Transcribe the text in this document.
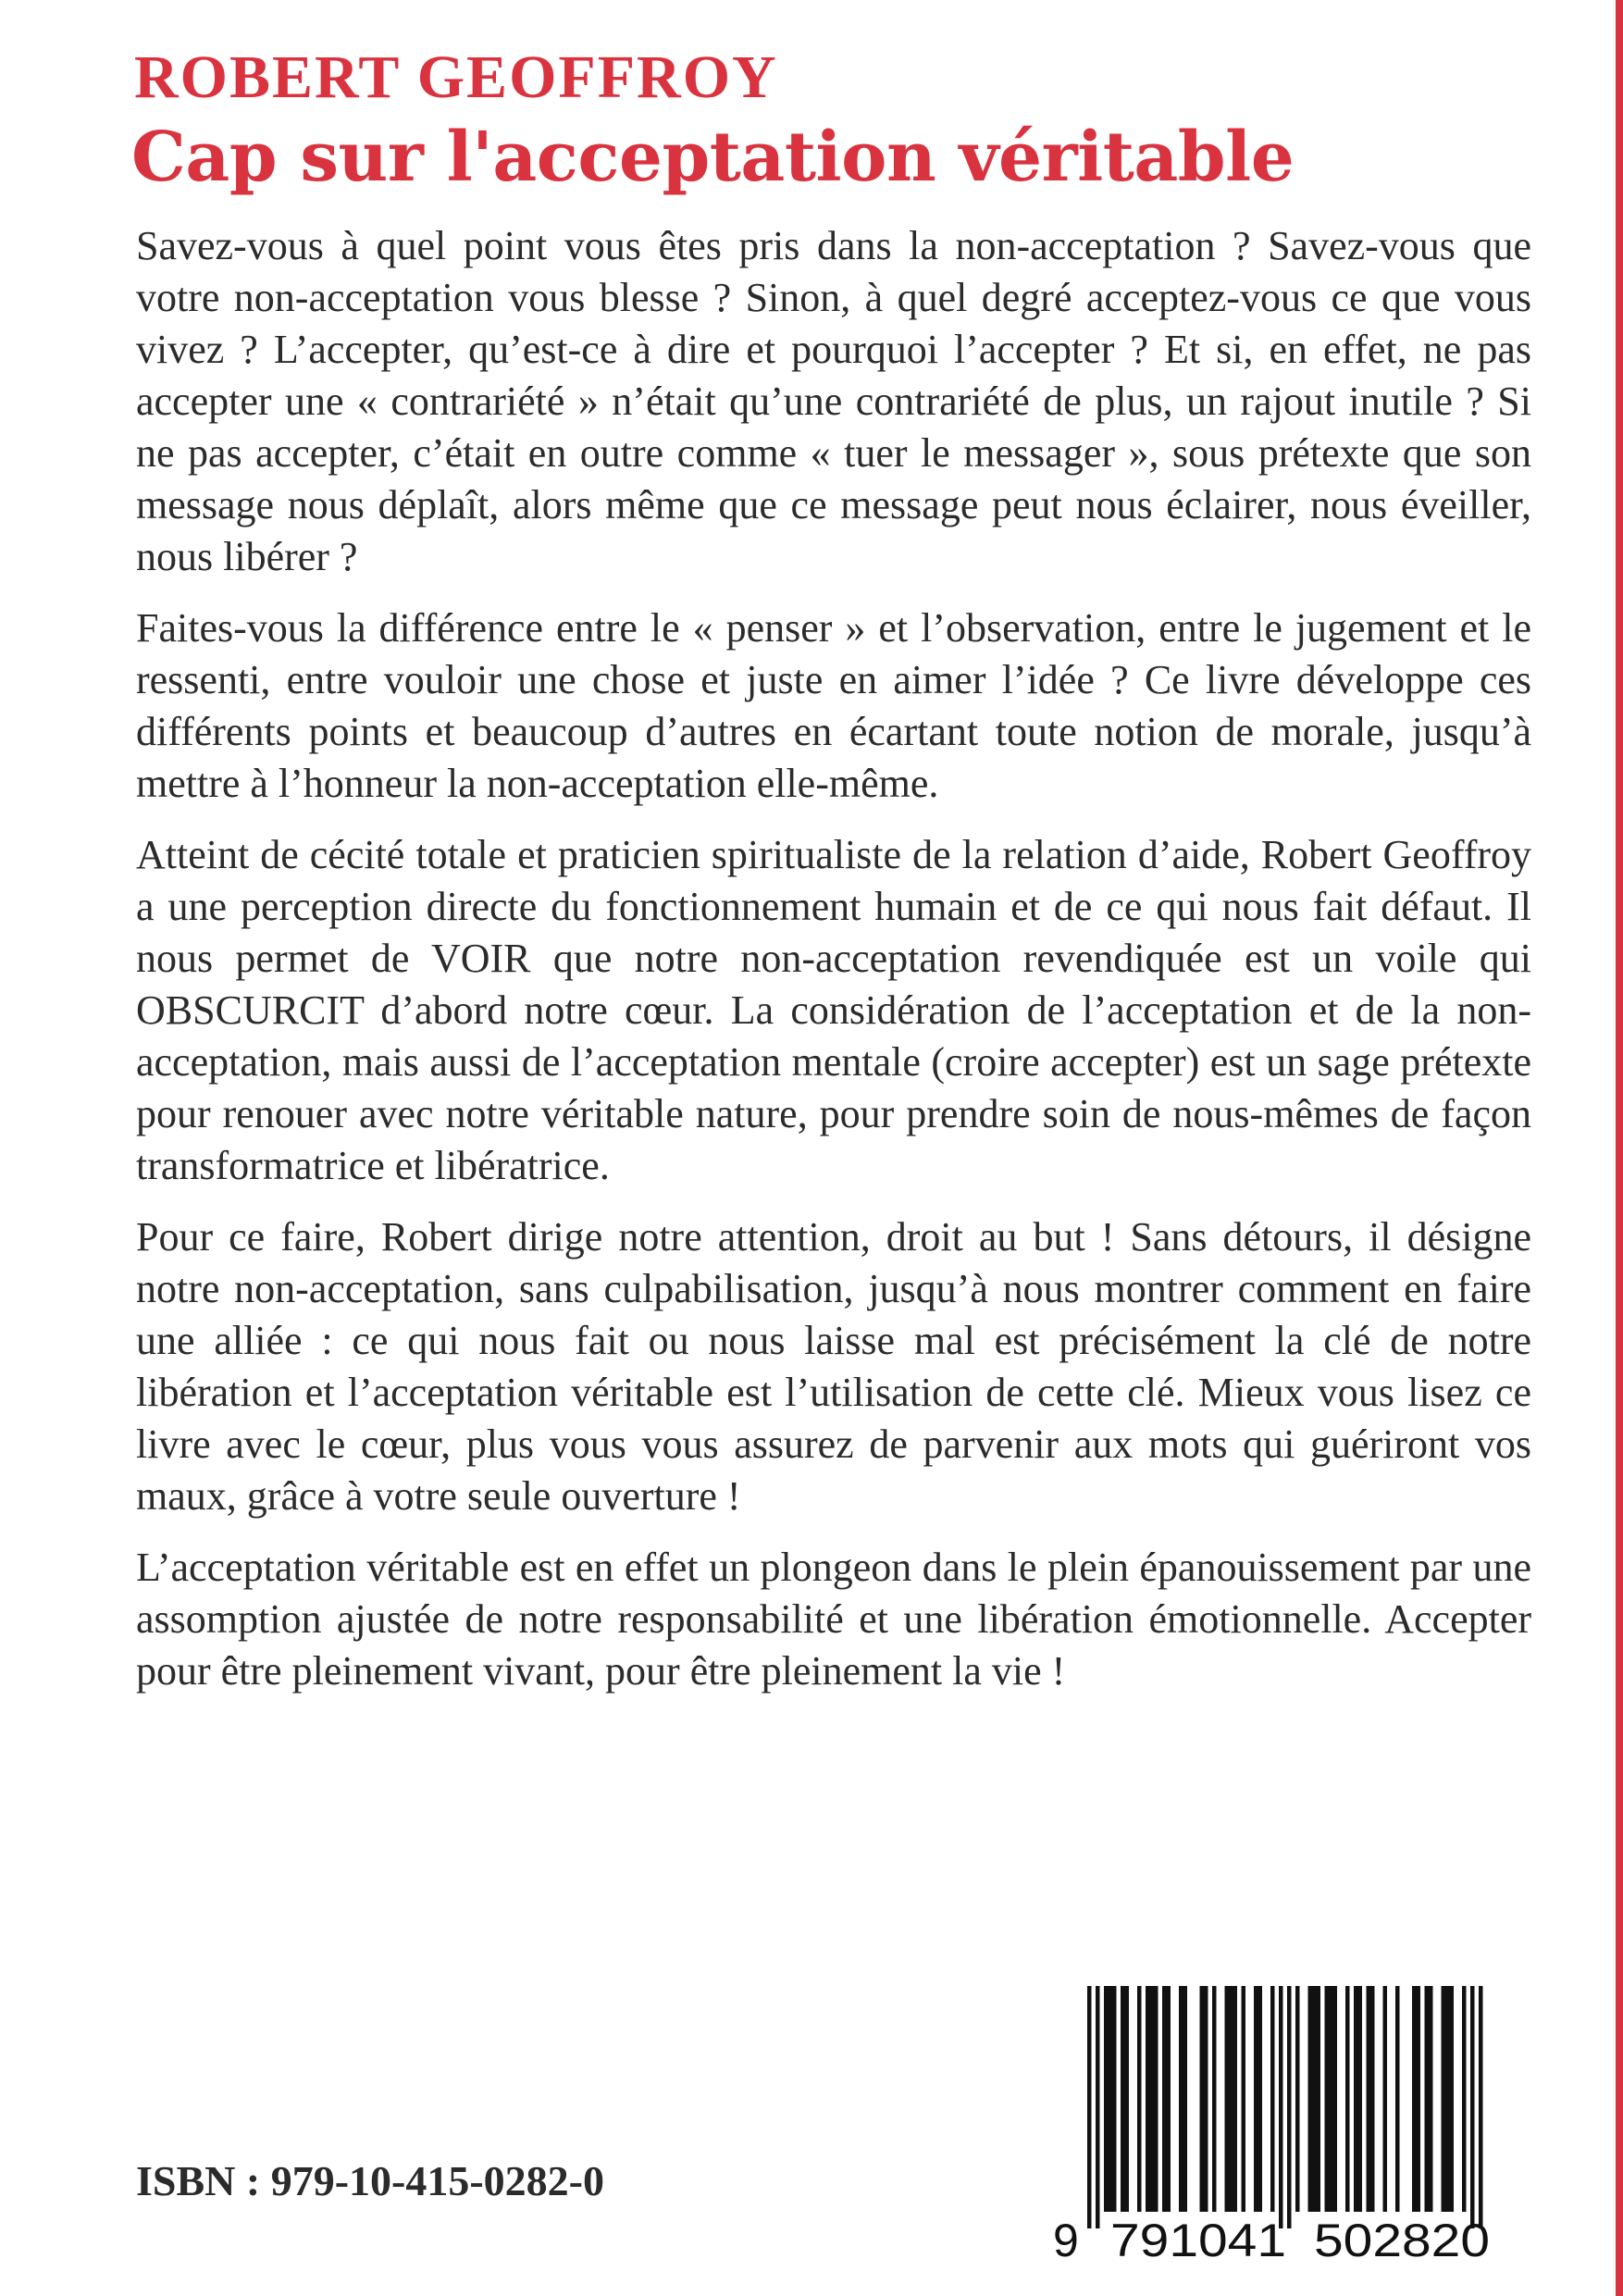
ROBERT GEOFFROY
Cap sur l'acceptation véritable

Savez-vous à quel point vous êtes pris dans la non-acceptation ? Savez-vous que votre non-acceptation vous blesse ? Sinon, à quel degré acceptez-vous ce que vous vivez ? L’accepter, qu’est-ce à dire et pourquoi l’accepter ? Et si, en effet, ne pas accepter une « contrariété » n’était qu’une contrariété de plus, un rajout inutile ? Si ne pas accepter, c’était en outre comme « tuer le messager », sous prétexte que son message nous déplaît, alors même que ce message peut nous éclairer, nous éveiller, nous libérer ?

Faites-vous la différence entre le « penser » et l’observation, entre le jugement et le ressenti, entre vouloir une chose et juste en aimer l’idée ? Ce livre développe ces différents points et beaucoup d’autres en écartant toute notion de morale, jusqu’à mettre à l’honneur la non-acceptation elle-même.

Atteint de cécité totale et praticien spiritualiste de la relation d’aide, Robert Geoffroy a une perception directe du fonctionnement humain et de ce qui nous fait défaut. Il nous permet de VOIR que notre non-acceptation revendiquée est un voile qui OBSCURCIT d’abord notre cœur. La considération de l’acceptation et de la non-acceptation, mais aussi de l’acceptation mentale (croire accepter) est un sage prétexte pour renouer avec notre véritable nature, pour prendre soin de nous-mêmes de façon transformatrice et libératrice.

Pour ce faire, Robert dirige notre attention, droit au but ! Sans détours, il désigne notre non-acceptation, sans culpabilisation, jusqu’à nous montrer comment en faire une alliée : ce qui nous fait ou nous laisse mal est précisément la clé de notre libération et l’acceptation véritable est l’utilisation de cette clé. Mieux vous lisez ce livre avec le cœur, plus vous vous assurez de parvenir aux mots qui guériront vos maux, grâce à votre seule ouverture !

L’acceptation véritable est en effet un plongeon dans le plein épanouissement par une assomption ajustée de notre responsabilité et une libération émotionnelle. Accepter pour être pleinement vivant, pour être pleinement la vie !

ISBN : 979-10-415-0282-0
9 791041 502820
